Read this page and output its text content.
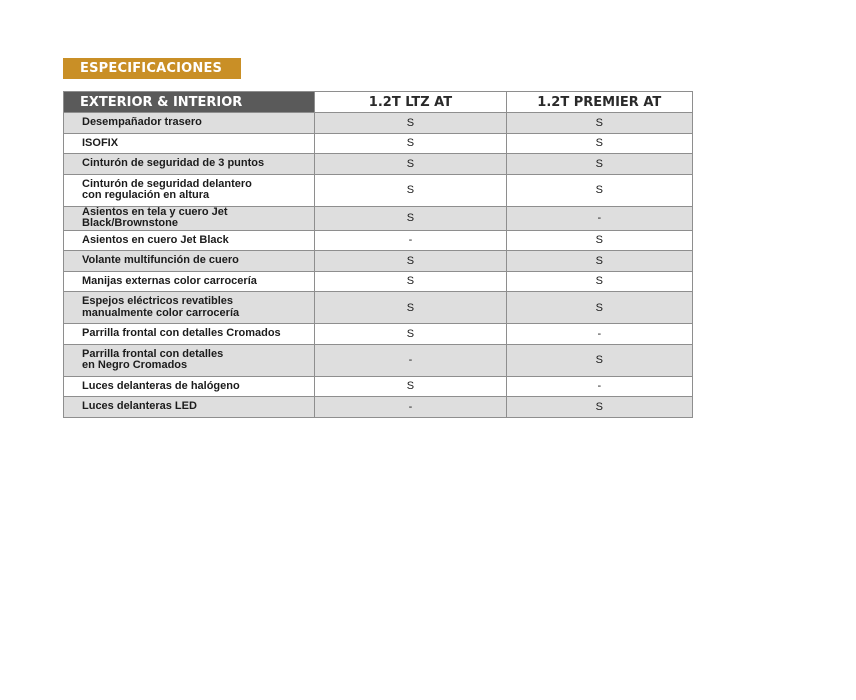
ESPECIFICACIONES
EXTERIOR & INTERIOR	1.2T LTZ AT	1.2T PREMIER AT

Desempañador trasero	S	S

ISOFIX	S	S

Cinturón de seguridad de 3 puntos	S	S

Cinturón de seguridad delantero
con regulación en altura	S	S

Asientos en tela y cuero Jet Black/Brownstone	S	-

Asientos en cuero Jet Black	-	S

Volante multifunción de cuero	S	S

Manijas externas color carrocería	S	S

Espejos eléctricos revatibles
manualmente color carrocería	S	S

Parrilla frontal con detalles Cromados	S	-

Parrilla frontal con detalles
en Negro Cromados	-	S

Luces delanteras de halógeno	S	-

Luces delanteras LED	-	S
